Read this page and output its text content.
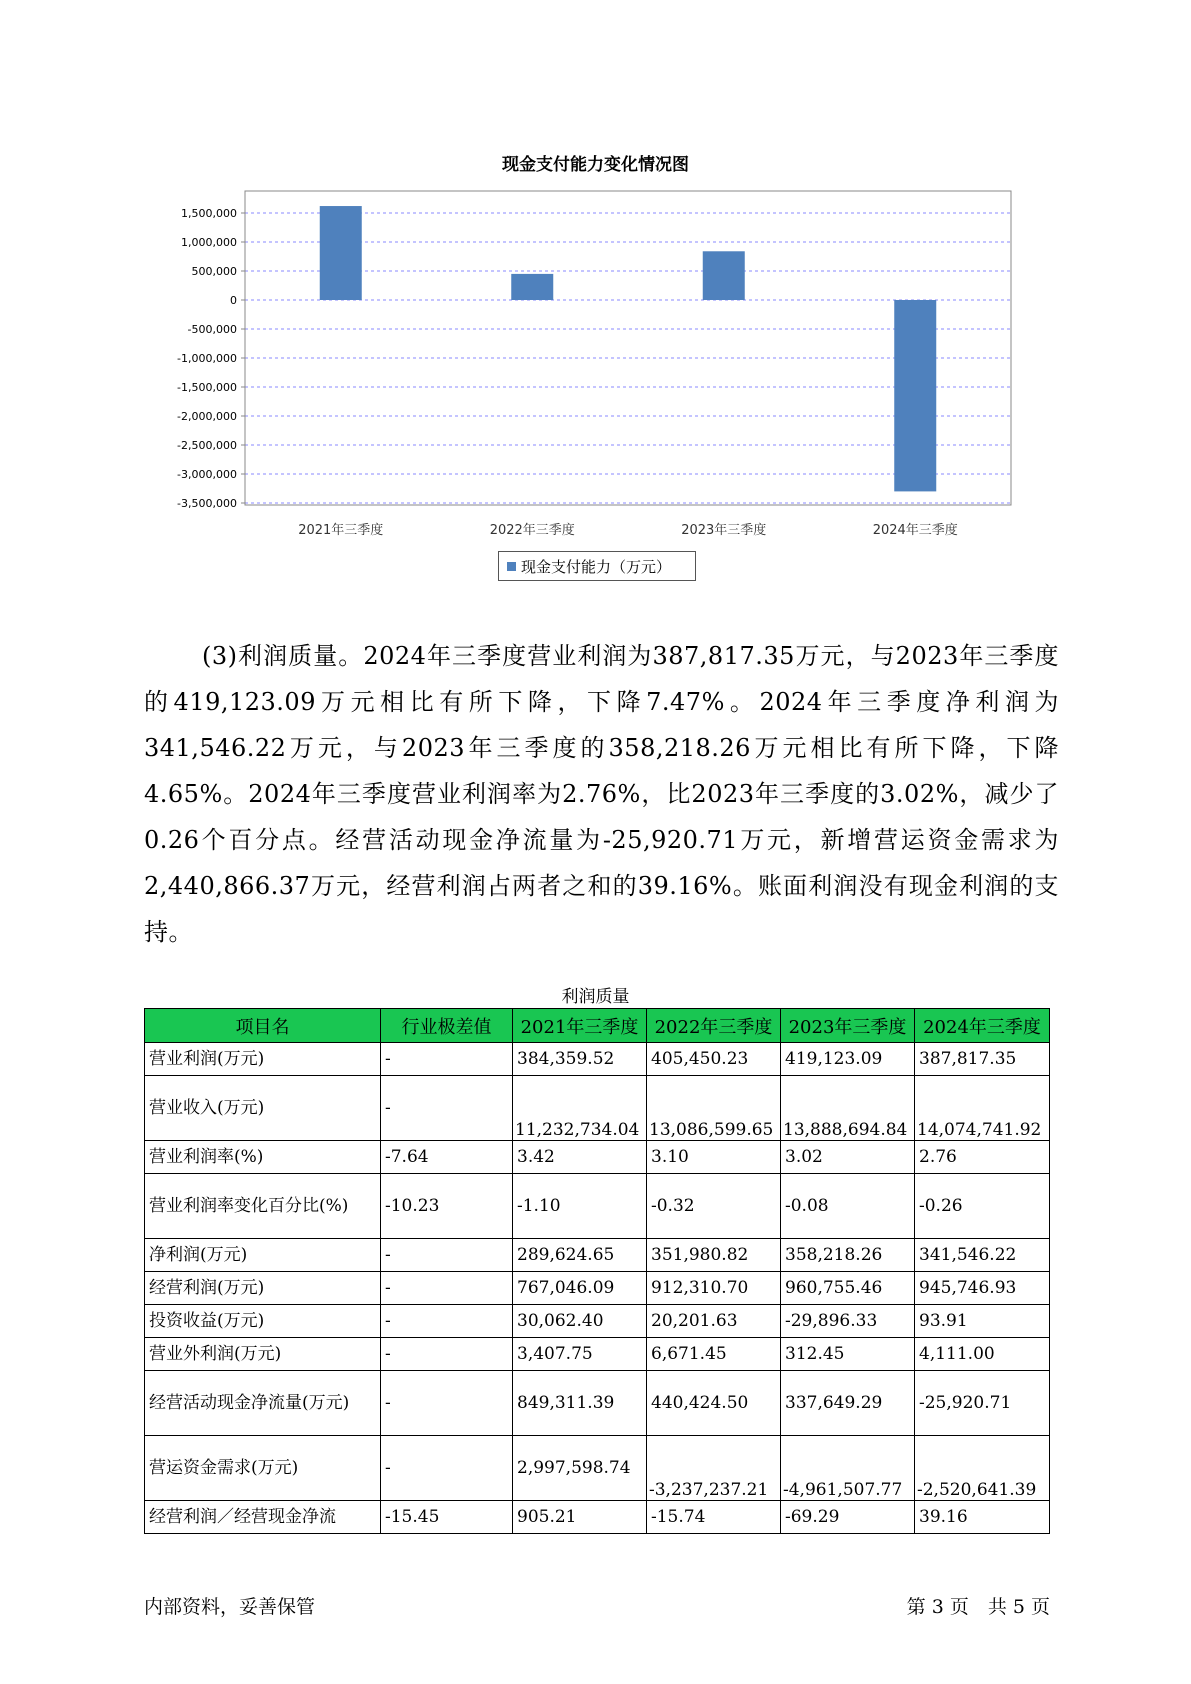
现金支付能力变化情况图
1,500,000
1,000,000
500,000
0
-500,000
-1,000,000
-1,500,000
-2,000,000
-2,500,000
-3,000,000
-3,500,000
2021年三季度	2022年三季度	2023年三季度	2024年三季度
现金支付能力（万元）

(3)利润质量。2024年三季度营业利润为387,817.35万元，与2023年三季度的419,123.09万元相比有所下降，下降7.47%。2024年三季度净利润为341,546.22万元，与2023年三季度的358,218.26万元相比有所下降，下降4.65%。2024年三季度营业利润率为2.76%，比2023年三季度的3.02%，减少了0.26个百分点。经营活动现金净流量为-25,920.71万元，新增营运资金需求为2,440,866.37万元，经营利润占两者之和的39.16%。账面利润没有现金利润的支持。

利润质量
项目名	行业极差值	2021年三季度	2022年三季度	2023年三季度	2024年三季度
营业利润(万元)	-	384,359.52	405,450.23	419,123.09	387,817.35
营业收入(万元)	-	11,232,734.04	13,086,599.65	13,888,694.84	14,074,741.92
营业利润率(%)	-7.64	3.42	3.10	3.02	2.76
营业利润率变化百分比(%)	-10.23	-1.10	-0.32	-0.08	-0.26
净利润(万元)	-	289,624.65	351,980.82	358,218.26	341,546.22
经营利润(万元)	-	767,046.09	912,310.70	960,755.46	945,746.93
投资收益(万元)	-	30,062.40	20,201.63	-29,896.33	93.91
营业外利润(万元)	-	3,407.75	6,671.45	312.45	4,111.00
经营活动现金净流量(万元)	-	849,311.39	440,424.50	337,649.29	-25,920.71
营运资金需求(万元)	-	2,997,598.74	-3,237,237.21	-4,961,507.77	-2,520,641.39
经营利润／经营现金净流	-15.45	905.21	-15.74	-69.29	39.16
内部资料，妥善保管	第 3 页　共 5 页
